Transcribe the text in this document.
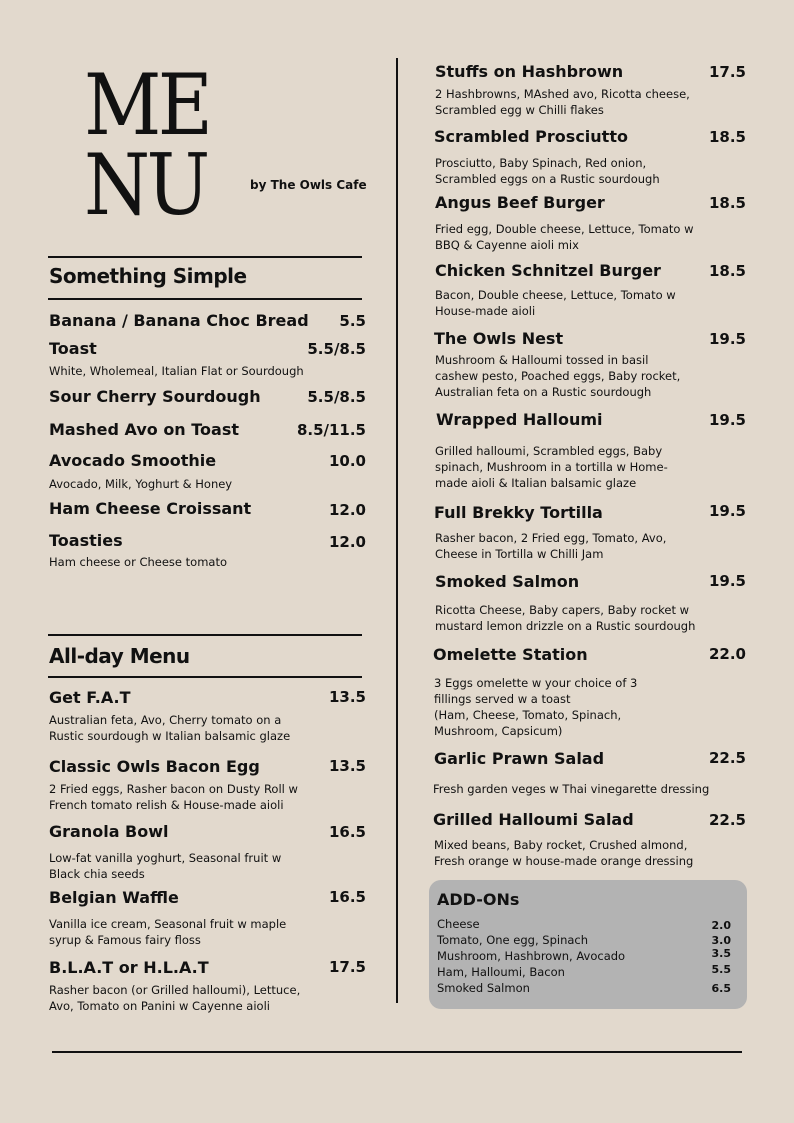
ME
NU	by The Owls Cafe
Something Simple
Banana / Banana Choc Bread 5.5
Toast	5.5/8.5
White, Wholemeal, Italian Flat or Sourdough
Sour Cherry Sourdough	5.5/8.5
Mashed Avo on Toast	8.5/11.5
Avocado Smoothie	10.0
Avocado, Milk, Yoghurt & Honey
Ham Cheese Croissant	12.0
Toasties	12.0
Ham cheese or Cheese tomato
All-day Menu
Get F.A.T	13.5
Australian feta, Avo, Cherry tomato on a
Rustic sourdough w Italian balsamic glaze
Classic Owls Bacon Egg	13.5
2 Fried eggs, Rasher bacon on Dusty Roll w
French tomato relish & House-made aioli
Granola Bowl	16.5
Low-fat vanilla yoghurt, Seasonal fruit w
Black chia seeds
Belgian Waffle	16.5
Vanilla ice cream, Seasonal fruit w maple
syrup & Famous fairy floss
B.L.A.T or H.L.A.T	17.5
Rasher bacon (or Grilled halloumi), Lettuce,
Avo, Tomato on Panini w Cayenne aioli
Stuffs on Hashbrown	17.5
2 Hashbrowns, MAshed avo, Ricotta cheese,
Scrambled egg w Chilli flakes
Scrambled Prosciutto	18.5
Prosciutto, Baby Spinach, Red onion,
Scrambled eggs on a Rustic sourdough
Angus Beef Burger	18.5
Fried egg, Double cheese, Lettuce, Tomato w
BBQ & Cayenne aioli mix
Chicken Schnitzel Burger	18.5
Bacon, Double cheese, Lettuce, Tomato w
House-made aioli
The Owls Nest	19.5
Mushroom & Halloumi tossed in basil
cashew pesto, Poached eggs, Baby rocket,
Australian feta on a Rustic sourdough
Wrapped Halloumi	19.5
Grilled halloumi, Scrambled eggs, Baby
spinach, Mushroom in a tortilla w Home-
made aioli & Italian balsamic glaze
Full Brekky Tortilla	19.5
Rasher bacon, 2 Fried egg, Tomato, Avo,
Cheese in Tortilla w Chilli Jam
Smoked Salmon	19.5
Ricotta Cheese, Baby capers, Baby rocket w
mustard lemon drizzle on a Rustic sourdough
Omelette Station	22.0
3 Eggs omelette w your choice of 3
fillings served w a toast
(Ham, Cheese, Tomato, Spinach,
Mushroom, Capsicum)
Garlic Prawn Salad	22.5
Fresh garden veges w Thai vinegarette dressing
Grilled Halloumi Salad	22.5
Mixed beans, Baby rocket, Crushed almond,
Fresh orange w house-made orange dressing
ADD-ONs
Cheese	2.0
Tomato, One egg, Spinach	3.0
Mushroom, Hashbrown, Avocado	3.5
Ham, Halloumi, Bacon	5.5
Smoked Salmon	6.5
